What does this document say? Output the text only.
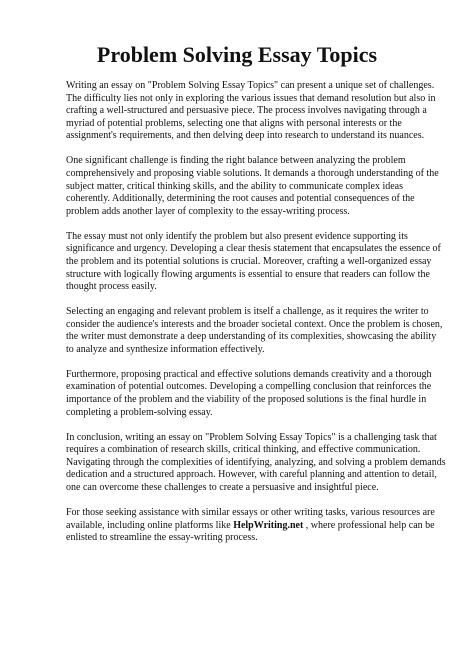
Problem Solving Essay Topics

Writing an essay on "Problem Solving Essay Topics" can present a unique set of challenges. The difficulty lies not only in exploring the various issues that demand resolution but also in crafting a well-structured and persuasive piece. The process involves navigating through a myriad of potential problems, selecting one that aligns with personal interests or the assignment's requirements, and then delving deep into research to understand its nuances.

One significant challenge is finding the right balance between analyzing the problem comprehensively and proposing viable solutions. It demands a thorough understanding of the subject matter, critical thinking skills, and the ability to communicate complex ideas coherently. Additionally, determining the root causes and potential consequences of the problem adds another layer of complexity to the essay-writing process.

The essay must not only identify the problem but also present evidence supporting its significance and urgency. Developing a clear thesis statement that encapsulates the essence of the problem and its potential solutions is crucial. Moreover, crafting a well-organized essay structure with logically flowing arguments is essential to ensure that readers can follow the thought process easily.

Selecting an engaging and relevant problem is itself a challenge, as it requires the writer to consider the audience's interests and the broader societal context. Once the problem is chosen, the writer must demonstrate a deep understanding of its complexities, showcasing the ability to analyze and synthesize information effectively.

Furthermore, proposing practical and effective solutions demands creativity and a thorough examination of potential outcomes. Developing a compelling conclusion that reinforces the importance of the problem and the viability of the proposed solutions is the final hurdle in completing a problem-solving essay.

In conclusion, writing an essay on "Problem Solving Essay Topics" is a challenging task that requires a combination of research skills, critical thinking, and effective communication. Navigating through the complexities of identifying, analyzing, and solving a problem demands dedication and a structured approach. However, with careful planning and attention to detail, one can overcome these challenges to create a persuasive and insightful piece.

For those seeking assistance with similar essays or other writing tasks, various resources are available, including online platforms like HelpWriting.net , where professional help can be enlisted to streamline the essay-writing process.
